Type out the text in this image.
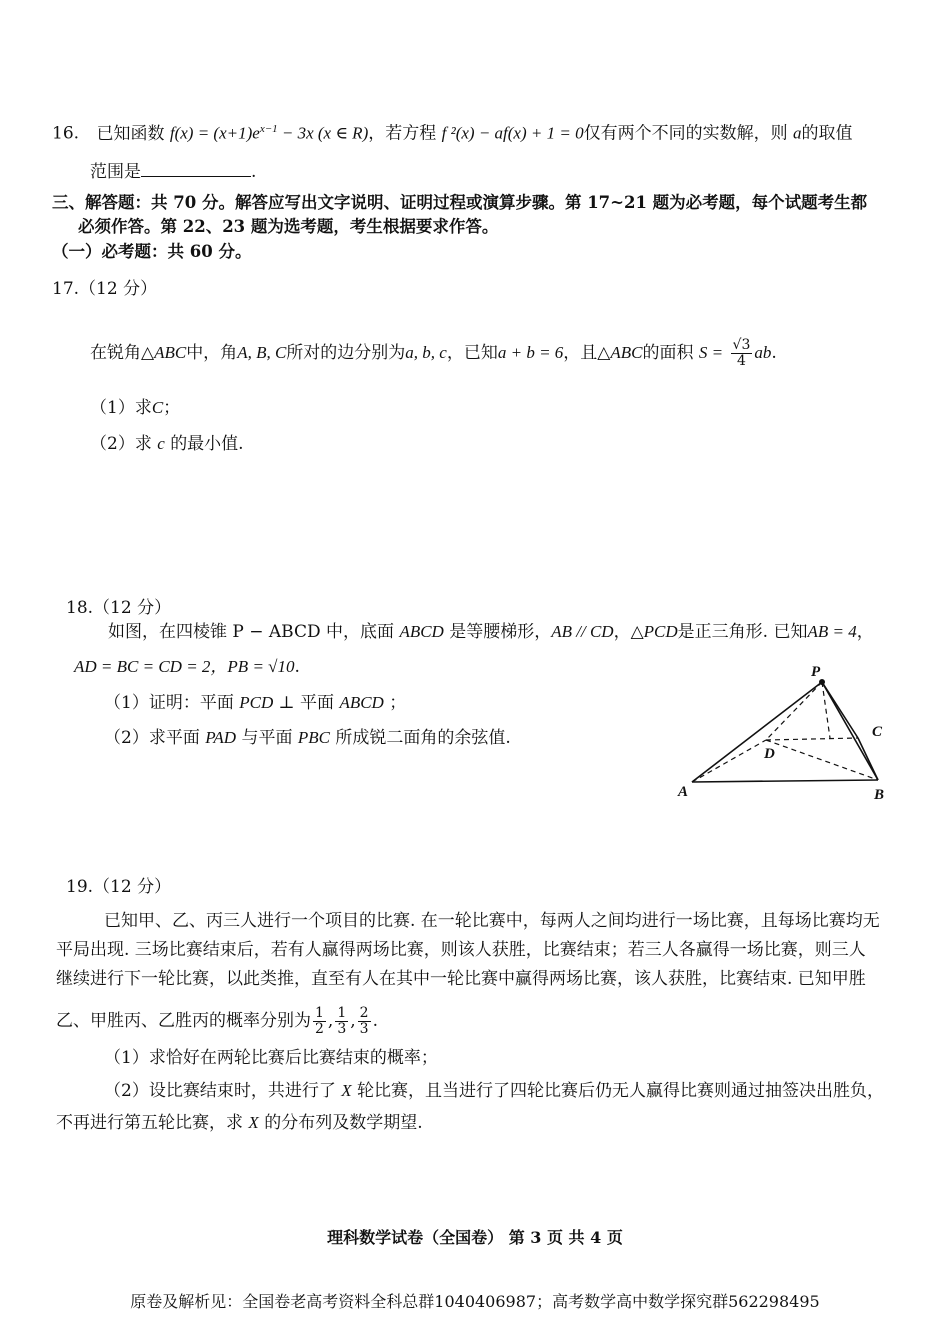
16. 已知函数 $f(x) = (x+1)e^{x-1} - 3x$ (x ∈ R)，若方程 f ²(x) − af(x) + 1 = 0仅有两个不同的实数解，则 a的取值
范围是	.
三、解答题：共 70 分。解答应写出文字说明、证明过程或演算步骤。第 17~21 题为必考题，每个试题考生都
必须作答。第 22、23 题为选考题，考生根据要求作答。
（一）必考题：共 60 分。
17.（12 分）
在锐角△ABC中，角A, B, C所对的边分别为a, b, c，已知a + b = 6，且△ABC的面积 $S = \frac{√3}{4}$ ab.
（1）求C；
（2）求 c 的最小值.
18.（12 分）
如图，在四棱锥 P − ABCD 中，底面 ABCD 是等腰梯形，AB // CD，△PCD是正三角形. 已知AB = 4，
AD = BC = CD = 2，PB = √10.
（1）证明：平面 PCD ⊥ 平面 ABCD ；
（2）求平面 PAD 与平面 PBC 所成锐二面角的余弦值.
P
C
D
A	B
19.（12 分）
已知甲、乙、丙三人进行一个项目的比赛. 在一轮比赛中，每两人之间均进行一场比赛，且每场比赛均无
平局出现. 三场比赛结束后，若有人赢得两场比赛，则该人获胜，比赛结束；若三人各赢得一场比赛，则三人
继续进行下一轮比赛，以此类推，直至有人在其中一轮比赛中赢得两场比赛，该人获胜，比赛结束. 已知甲胜
乙、甲胜丙、乙胜丙的概率分别为 $\frac{1}{2}$ , $\frac{1}{3}$ , $\frac{2}{3}$ .
（1）求恰好在两轮比赛后比赛结束的概率；
（2）设比赛结束时，共进行了 X 轮比赛，且当进行了四轮比赛后仍无人赢得比赛则通过抽签决出胜负，
不再进行第五轮比赛，求 X 的分布列及数学期望.
理科数学试卷（全国卷） 第 3 页 共 4 页
原卷及解析见：全国卷老高考资料全科总群1040406987；高考数学高中数学探究群562298495
